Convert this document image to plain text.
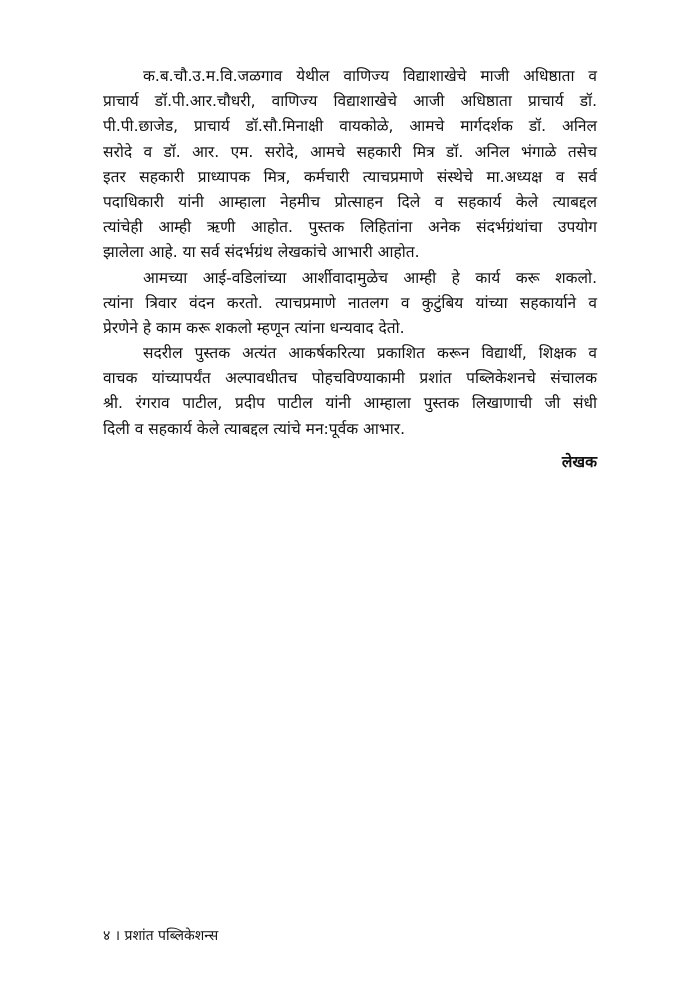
क.ब.चौ.उ.म.वि.जळगाव येथील वाणिज्य विद्याशाखेचे माजी अधिष्ठाता व
प्राचार्य डॉ.पी.आर.चौधरी, वाणिज्य विद्याशाखेचे आजी अधिष्ठाता प्राचार्य डॉ.
पी.पी.छाजेड, प्राचार्य डॉ.सौ.मिनाक्षी वायकोळे, आमचे मार्गदर्शक डॉ. अनिल
सरोदे व डॉ. आर. एम. सरोदे, आमचे सहकारी मित्र डॉ. अनिल भंगाळे तसेच
इतर सहकारी प्राध्यापक मित्र, कर्मचारी त्याचप्रमाणे संस्थेचे मा.अध्यक्ष व सर्व
पदाधिकारी यांनी आम्हाला नेहमीच प्रोत्साहन दिले व सहकार्य केले त्याबद्दल
त्यांचेही आम्ही ऋणी आहोत. पुस्तक लिहितांना अनेक संदर्भग्रंथांचा उपयोग
झालेला आहे. या सर्व संदर्भग्रंथ लेखकांचे आभारी आहोत.
आमच्या आई-वडिलांच्या आर्शीवादामुळेच आम्ही हे कार्य करू शकलो.
त्यांना त्रिवार वंदन करतो. त्याचप्रमाणे नातलग व कुटुंबिय यांच्या सहकार्याने व
प्रेरणेने हे काम करू शकलो म्हणून त्यांना धन्यवाद देतो.
सदरील पुस्तक अत्यंत आकर्षकरित्या प्रकाशित करून विद्यार्थी, शिक्षक व
वाचक यांच्यापर्यंत अल्पावधीतच पोहचविण्याकामी प्रशांत पब्लिकेशनचे संचालक
श्री. रंगराव पाटील, प्रदीप पाटील यांनी आम्हाला पुस्तक लिखाणाची जी संधी
दिली व सहकार्य केले त्याबद्दल त्यांचे मन:पूर्वक आभार.
लेखक
४ । प्रशांत पब्लिकेशन्स
